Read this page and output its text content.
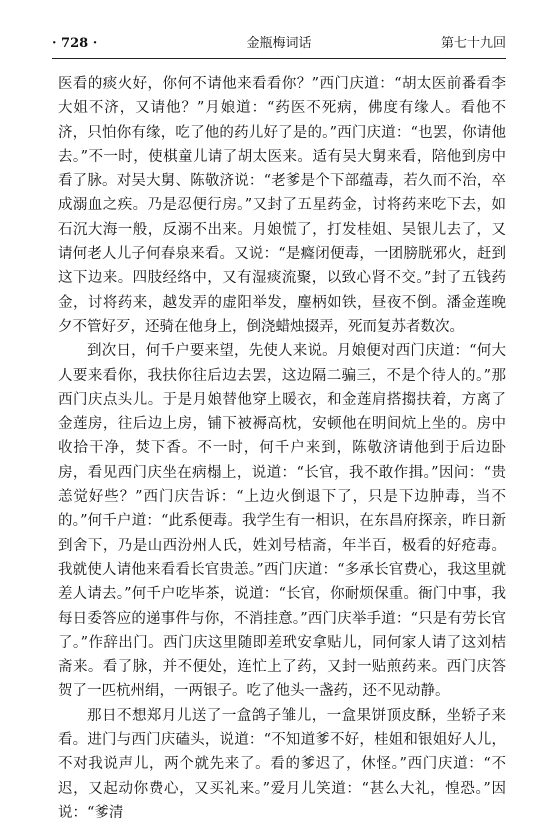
· 728 ·	金瓶梅词话	第七十九回

医看的痰火好，你何不请他来看看你？”西门庆道：“胡太医前番看李大姐不济，又请他？”月娘道：“药医不死病，佛度有缘人。看他不济，只怕你有缘，吃了他的药儿好了是的。”西门庆道：“也罢，你请他去。”不一时，使棋童儿请了胡太医来。适有吴大舅来看，陪他到房中看了脉。对吴大舅、陈敬济说：“老爹是个下部蕴毒，若久而不治，卒成溺血之疾。乃是忍便行房。”又封了五星药金，讨将药来吃下去，如石沉大海一般，反溺不出来。月娘慌了，打发桂姐、吴银儿去了，又请何老人儿子何春泉来看。又说：“是癃闭便毒，一团膀胱邪火，赶到这下边来。四肢经络中，又有湿痰流聚，以致心肾不交。”封了五钱药金，讨将药来，越发弄的虚阳举发，麈柄如铁，昼夜不倒。潘金莲晚夕不管好歹，还骑在他身上，倒浇蜡烛掇弄，死而复苏者数次。

到次日，何千户要来望，先使人来说。月娘便对西门庆道：“何大人要来看你，我扶你往后边去罢，这边隔二骗三，不是个待人的。”那西门庆点头儿。于是月娘替他穿上暖衣，和金莲肩搭搊扶着，方离了金莲房，往后边上房，铺下被褥高枕，安顿他在明间炕上坐的。房中收拾干净，焚下香。不一时，何千户来到，陈敬济请他到于后边卧房，看见西门庆坐在病榻上，说道：“长官，我不敢作揖。”因问：“贵恙觉好些？”西门庆告诉：“上边火倒退下了，只是下边肿毒，当不的。”何千户道：“此系便毒。我学生有一相识，在东昌府探亲，昨日新到舍下，乃是山西汾州人氏，姓刘号桔斋，年半百，极看的好疮毒。我就使人请他来看看长官贵恙。”西门庆道：“多承长官费心，我这里就差人请去。”何千户吃毕茶，说道：“长官，你耐烦保重。衙门中事，我每日委答应的递事件与你，不消挂意。”西门庆举手道：“只是有劳长官了。”作辞出门。西门庆这里随即差玳安拿贴儿，同何家人请了这刘桔斋来。看了脉，并不便处，连忙上了药，又封一贴煎药来。西门庆答贺了一匹杭州绢，一两银子。吃了他头一盏药，还不见动静。

那日不想郑月儿送了一盒鸽子雏儿，一盒果饼顶皮酥，坐轿子来看。进门与西门庆磕头，说道：“不知道爹不好，桂姐和银姐好人儿，不对我说声儿，两个就先来了。看的爹迟了，休怪。”西门庆道：“不迟，又起动你费心，又买礼来。”爱月儿笑道：“甚么大礼，惶恐。”因说：“爹清
